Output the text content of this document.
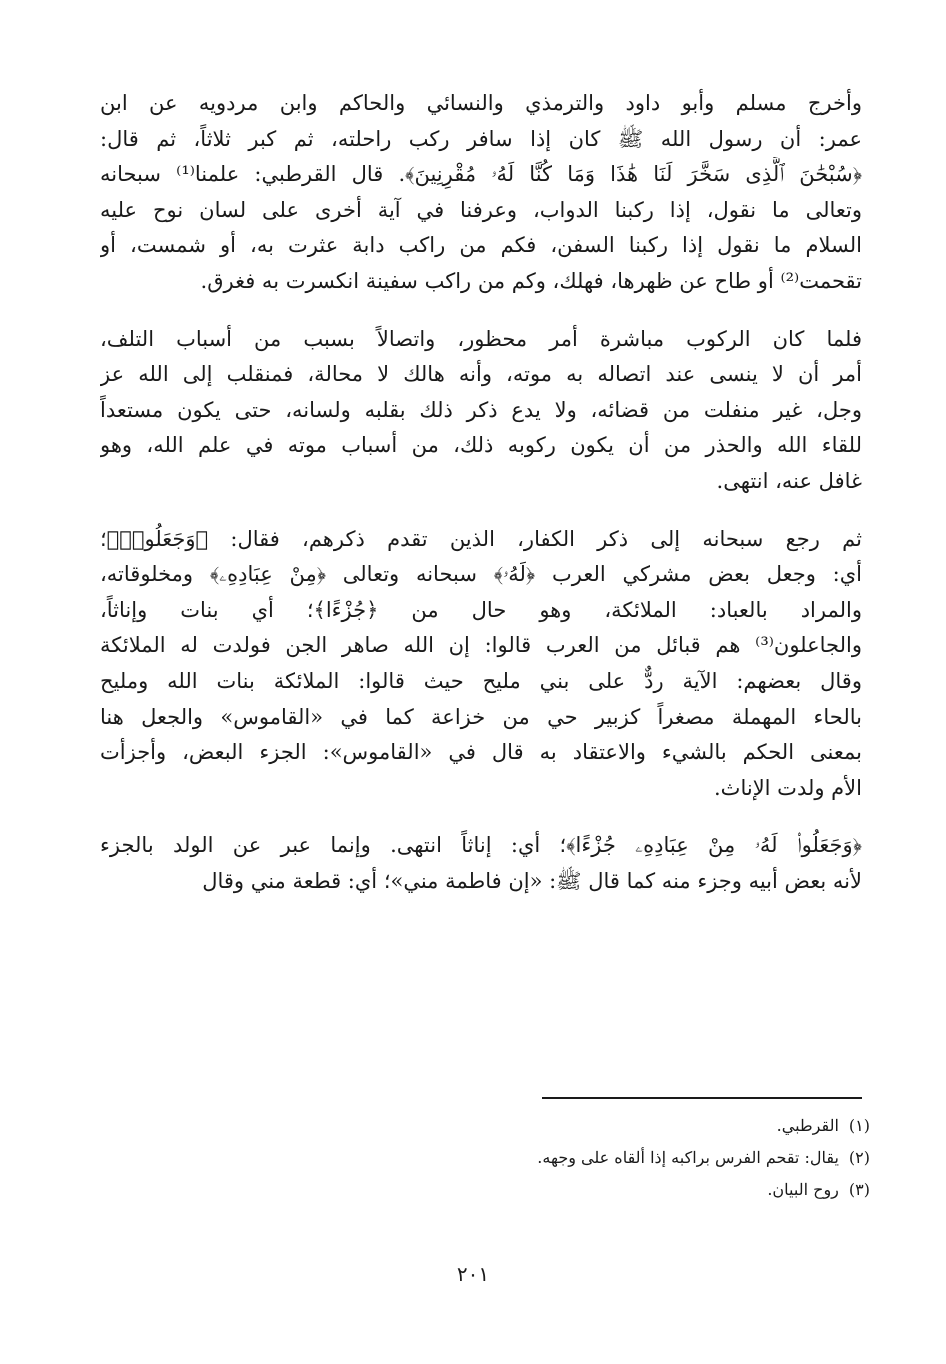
وأخرج مسلم وأبو داود والترمذي والنسائي والحاكم وابن مردويه عن ابن
عمر: أن رسول الله ﷺ كان إذا سافر ركب راحلته، ثم كبر ثلاثاً، ثم قال:
﴿سُبْحَٰنَ ٱلَّذِى سَخَّرَ لَنَا هَٰذَا وَمَا كُنَّا لَهُۥ مُقْرِنِينَ﴾. قال القرطبي: علمنا⁽¹⁾ سبحانه
وتعالى ما نقول، إذا ركبنا الدواب، وعرفنا في آية أخرى على لسان نوح عليه
السلام ما نقول إذا ركبنا السفن، فكم من راكب دابة عثرت به، أو شمست، أو
تقحمت⁽²⁾ أو طاح عن ظهرها، فهلك، وكم من راكب سفينة انكسرت به فغرق.

فلما كان الركوب مباشرة أمر محظور، واتصالاً بسبب من أسباب التلف،
أمر أن لا ينسى عند اتصاله به موته، وأنه هالك لا محالة، فمنقلب إلى الله عز
وجل، غير منفلت من قضائه، ولا يدع ذكر ذلك بقلبه ولسانه، حتى يكون مستعداً
للقاء الله والحذر من أن يكون ركوبه ذلك، من أسباب موته في علم الله، وهو
غافل عنه، انتهى.

ثم رجع سبحانه إلى ذكر الكفار، الذين تقدم ذكرهم، فقال: ﴿وَجَعَلُوا۟﴾؛
أي: وجعل بعض مشركي العرب ﴿لَهُۥ﴾ سبحانه وتعالى ﴿مِنْ عِبَادِهِۦ﴾ ومخلوقاته،
والمراد بالعباد: الملائكة، وهو حال من ﴿جُزْءًا﴾؛ أي بنات وإناثاً،
والجاعلون⁽³⁾ هم قبائل من العرب قالوا: إن الله صاهر الجن فولدت له الملائكة
وقال بعضهم: الآية ردٌّ على بني مليح حيث قالوا: الملائكة بنات الله ومليح
بالحاء المهملة مصغراً كزبير حي من خزاعة كما في «القاموس» والجعل هنا
بمعنى الحكم بالشيء والاعتقاد به قال في «القاموس»: الجزء البعض، وأجزأت
الأم ولدت الإناث.

﴿وَجَعَلُوا۟ لَهُۥ مِنْ عِبَادِهِۦ جُزْءًا﴾؛ أي: إناثاً انتهى. وإنما عبر عن الولد بالجزء
لأنه بعض أبيه وجزء منه كما قال ﷺ: «إن فاطمة مني»؛ أي: قطعة مني وقال

(١)القرطبي.
(٢)يقال: تقحم الفرس براكبه إذا ألقاه على وجهه.
(٣)روح البيان.
٢٠١
